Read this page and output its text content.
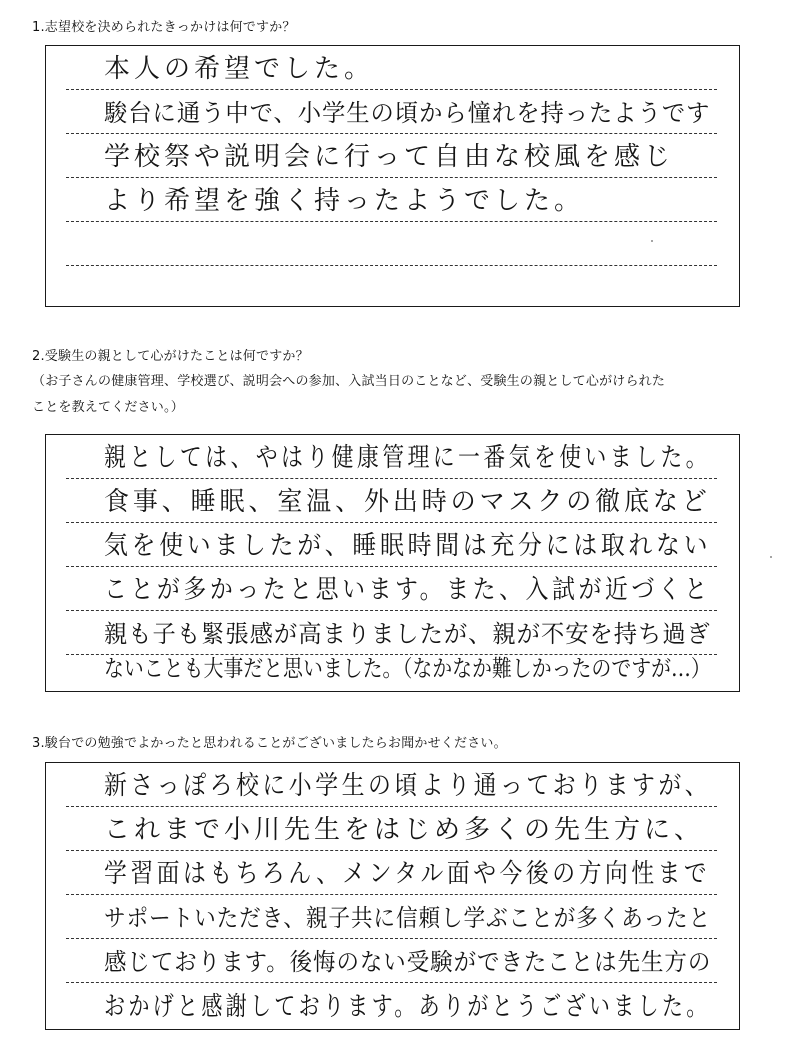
1.志望校を決められたきっかけは何ですか？
本人の希望でした。
駿台に通う中で、小学生の頃から憧れを持ったようです
学校祭や説明会に行って自由な校風を感じ
より希望を強く持ったようでした。
2.受験生の親として心がけたことは何ですか？
（お子さんの健康管理、学校選び、説明会への参加、入試当日のことなど、受験生の親として心がけられた
ことを教えてください。）
親としては、やはり健康管理に一番気を使いました。
食事、睡眠、室温、外出時のマスクの徹底など
気を使いましたが、睡眠時間は充分には取れない
ことが多かったと思います。また、入試が近づくと
親も子も緊張感が高まりましたが、親が不安を持ち過ぎ
ないことも大事だと思いました。（なかなか難しかったのですが…）
3.駿台での勉強でよかったと思われることがございましたらお聞かせください。
新さっぽろ校に小学生の頃より通っておりますが、
これまで小川先生をはじめ多くの先生方に、
学習面はもちろん、メンタル面や今後の方向性まで
サポートいただき、親子共に信頼し学ぶことが多くあったと
感じております。後悔のない受験ができたことは先生方の
おかげと感謝しております。ありがとうございました。
